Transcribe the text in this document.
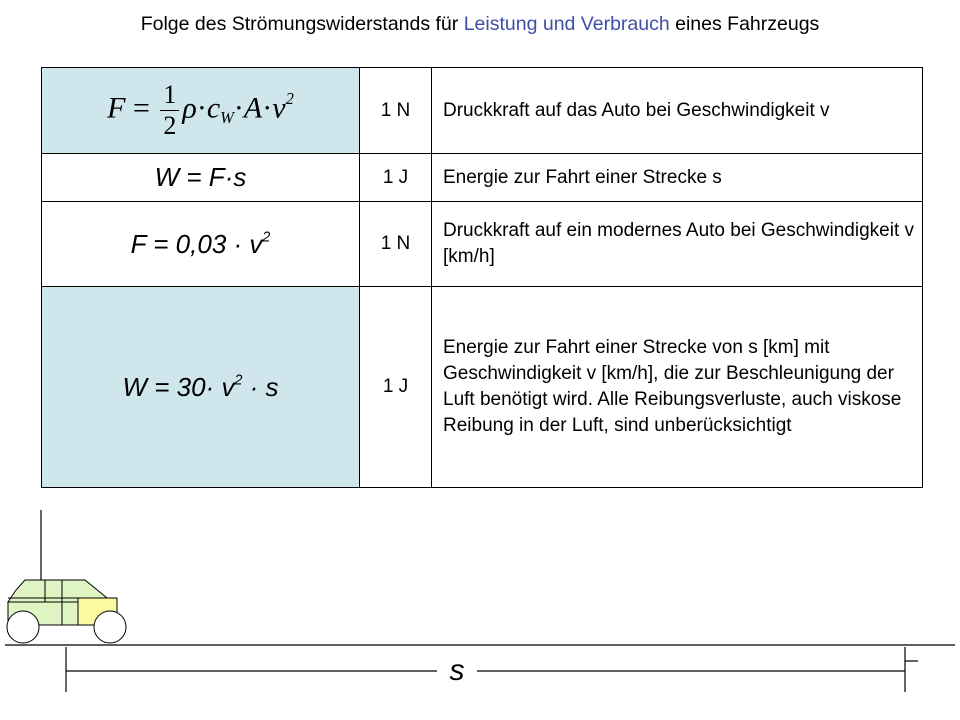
Folge des Strömungswiderstands für Leistung und Verbrauch eines Fahrzeugs
$F = \frac{1}{2} \rho\cdot c_W\cdot A\cdot v^2$	1 N	Druckkraft auf das Auto bei Geschwindigkeit v
W = F·s	1 J	Energie zur Fahrt einer Strecke s
$F = 0,03 \cdot v^2$	1 N	Druckkraft auf ein modernes Auto bei Geschwindigkeit v [km/h]
$W = 30\cdot v^2 \cdot s$	1 J	Energie zur Fahrt einer Strecke von s [km] mit Geschwindigkeit v [km/h], die zur Beschleunigung der Luft benötigt wird. Alle Reibungsverluste, auch viskose Reibung in der Luft, sind unberücksichtigt
s
